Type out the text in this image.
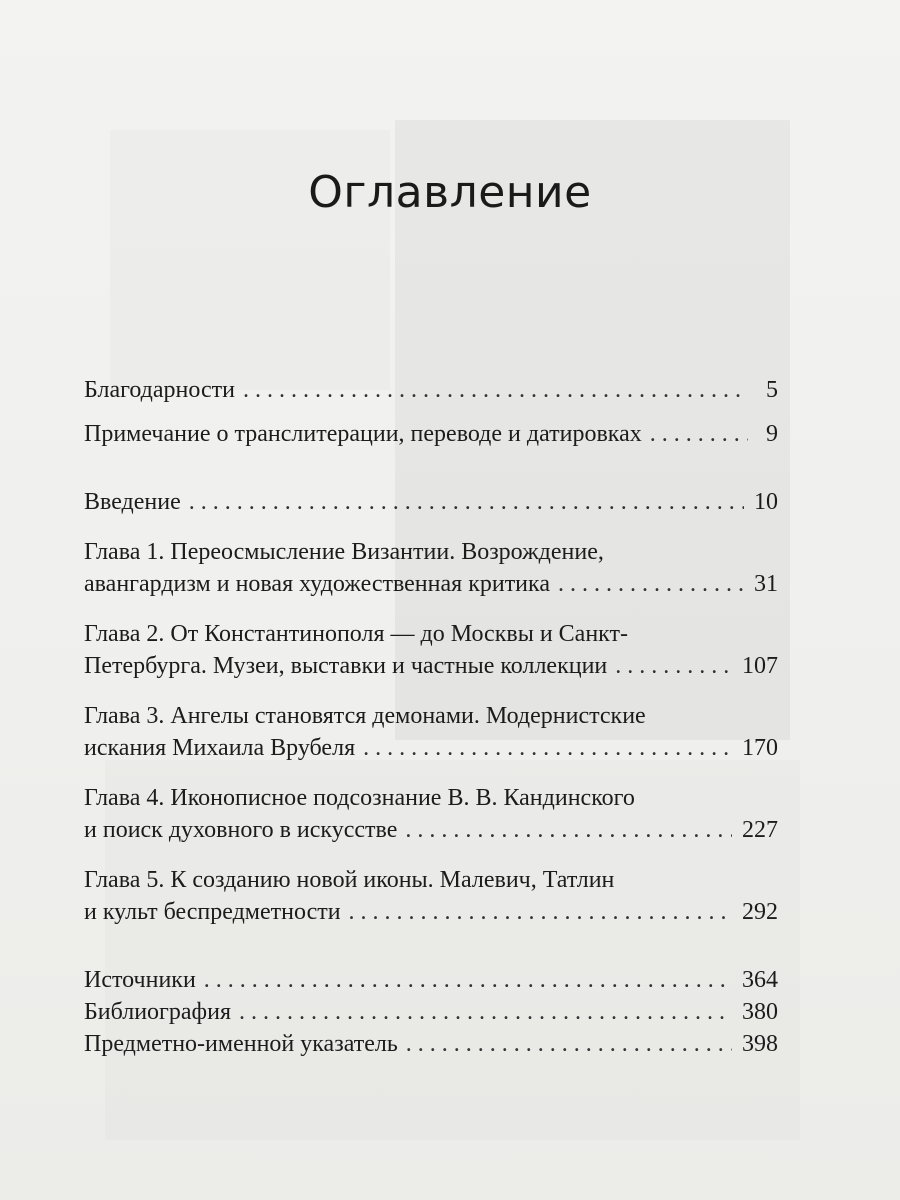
Оглавление
Благодарности . . .	5
Примечание о транслитерации, переводе и датировках . . .	9
Введение . . .	10
Глава 1. Переосмысление Византии. Возрождение,
авангардизм и новая художественная критика . . .	31
Глава 2. От Константинополя — до Москвы и Санкт-
Петербурга. Музеи, выставки и частные коллекции . . .	107
Глава 3. Ангелы становятся демонами. Модернистские
искания Михаила Врубеля . . .	170
Глава 4. Иконописное подсознание В. В. Кандинского
и поиск духовного в искусстве . . .	227
Глава 5. К созданию новой иконы. Малевич, Татлин
и культ беспредметности . . .	292
Источники . . .	364
Библиография . . .	380
Предметно-именной указатель . . .	398
